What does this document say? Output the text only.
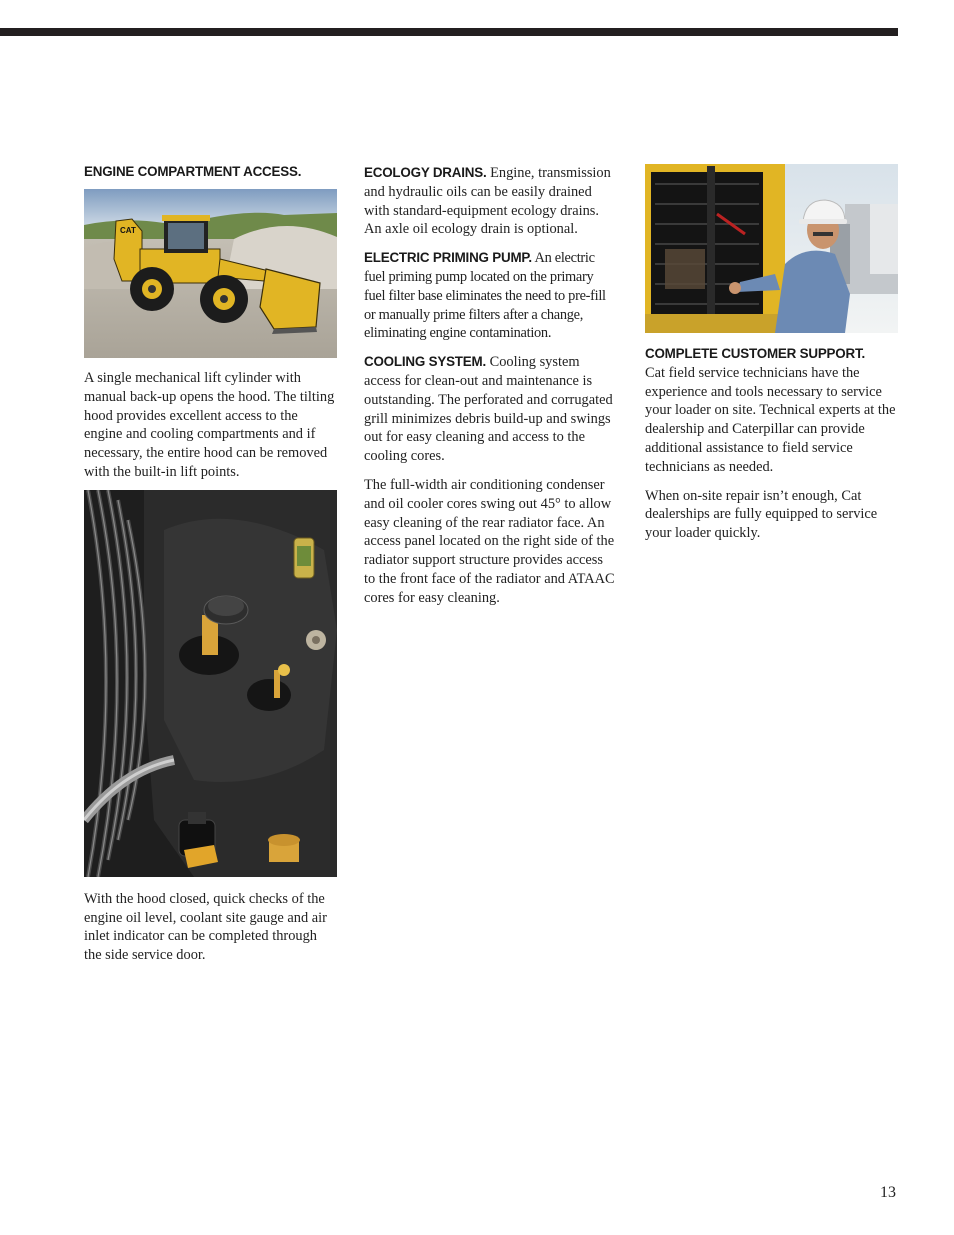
ENGINE COMPARTMENT ACCESS.
CAT

A single mechanical lift cylinder with manual back-up opens the hood. The tilting hood provides excellent access to the engine and cooling compartments and if necessary, the entire hood can be removed with the built-in lift points.

With the hood closed, quick checks of the engine oil level, coolant site gauge and air inlet indicator can be completed through the side service door.

ECOLOGY DRAINS. Engine, transmission and hydraulic oils can be easily drained with standard-equipment ecology drains. An axle oil ecology drain is optional.

ELECTRIC PRIMING PUMP. An electric fuel priming pump located on the primary fuel filter base eliminates the need to pre-fill or manually prime filters after a change, eliminating engine contamination.

COOLING SYSTEM. Cooling system access for clean-out and maintenance is outstanding. The perforated and corrugated grill minimizes debris build-up and swings out for easy cleaning and access to the cooling cores.

The full-width air conditioning condenser and oil cooler cores swing out 45° to allow easy cleaning of the rear radiator face. An access panel located on the right side of the radiator support structure provides access to the front face of the radiator and ATAAC cores for easy cleaning.

COMPLETE CUSTOMER SUPPORT.
Cat field service technicians have the experience and tools necessary to service your loader on site. Technical experts at the dealership and Caterpillar can provide additional assistance to field service technicians as needed.

When on-site repair isn’t enough, Cat dealerships are fully equipped to service your loader quickly.

13
